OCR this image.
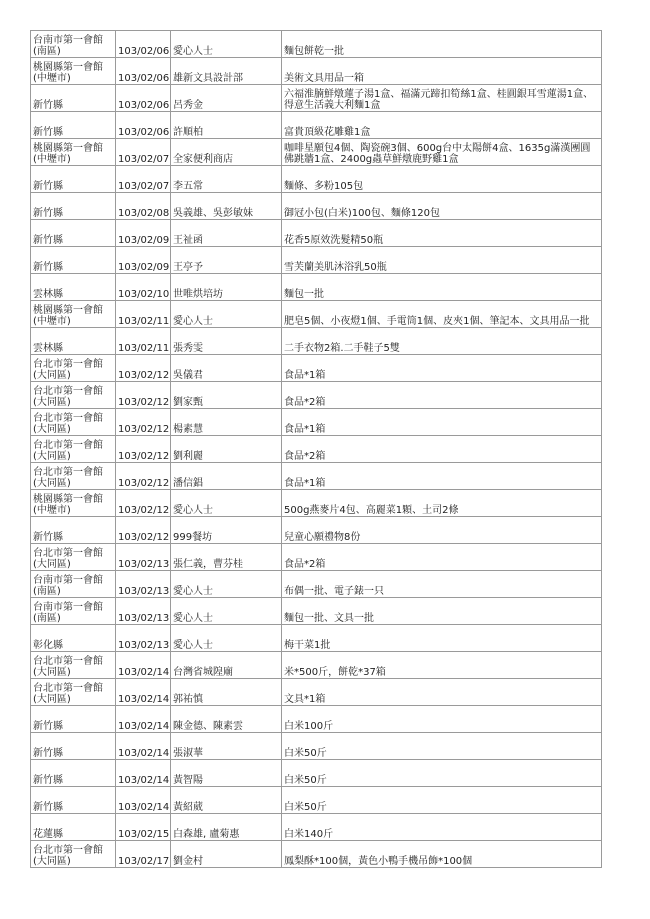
台南市第一會館
(南區)	103/02/06	愛心人士	麵包餅乾一批
桃園縣第一會館
(中壢市)	103/02/06	雄新文具設計部	美術文具用品一箱
新竹縣	103/02/06	呂秀金	六福淮腩鮮燉蓮子湯1盒、福滿元蹄扣筍絲1盒、桂圓銀耳雪蓮湯1盒、得意生活義大利麵1盒
新竹縣	103/02/06	許順柏	富貴頂級花雕雞1盒
桃園縣第一會館
(中壢市)	103/02/07	全家便利商店	咖啡星願包4個、陶瓷碗3個、600g台中太陽餅4盒、1635g滿漢團圓佛跳牆1盒、2400g蟲草鮮燉鹿野雞1盒
新竹縣	103/02/07	李五常	麵條、多粉105包
新竹縣	103/02/08	吳義雄、吳彭敏妹	御冠小包(白米)100包、麵條120包
新竹縣	103/02/09	王祉函	花香5原效洗髮精50瓶
新竹縣	103/02/09	王亭予	雪芙蘭美肌沐浴乳50瓶
雲林縣	103/02/10	世唯烘培坊	麵包一批
桃園縣第一會館
(中壢市)	103/02/11	愛心人士	肥皂5個、小夜燈1個、手電筒1個、皮夾1個、筆記本、文具用品一批
雲林縣	103/02/11	張秀雯	二手衣物2箱.二手鞋子5雙
台北市第一會館
(大同區)	103/02/12	吳儀君	食品*1箱
台北市第一會館
(大同區)	103/02/12	劉家甄	食品*2箱
台北市第一會館
(大同區)	103/02/12	楊素慧	食品*1箱
台北市第一會館
(大同區)	103/02/12	劉利麗	食品*2箱
台北市第一會館
(大同區)	103/02/12	潘信錩	食品*1箱
桃園縣第一會館
(中壢市)	103/02/12	愛心人士	500g燕麥片4包、高麗菜1顆、土司2條
新竹縣	103/02/12	999餐坊	兒童心願禮物8份
台北市第一會館
(大同區)	103/02/13	張仁義，曹芬桂	食品*2箱
台南市第一會館
(南區)	103/02/13	愛心人士	布偶一批、電子錶一只
台南市第一會館
(南區)	103/02/13	愛心人士	麵包一批、文具一批
彰化縣	103/02/13	愛心人士	梅干菜1批
台北市第一會館
(大同區)	103/02/14	台灣省城隍廟	米*500斤，餅乾*37箱
台北市第一會館
(大同區)	103/02/14	郭祐慎	文具*1箱
新竹縣	103/02/14	陳金德、陳素雲	白米100斤
新竹縣	103/02/14	張淑華	白米50斤
新竹縣	103/02/14	黃智陽	白米50斤
新竹縣	103/02/14	黃紹葳	白米50斤
花蓮縣	103/02/15	白森雄, 盧菊惠	白米140斤
台北市第一會館
(大同區)	103/02/17	劉金村	鳳梨酥*100個，黃色小鴨手機吊飾*100個
